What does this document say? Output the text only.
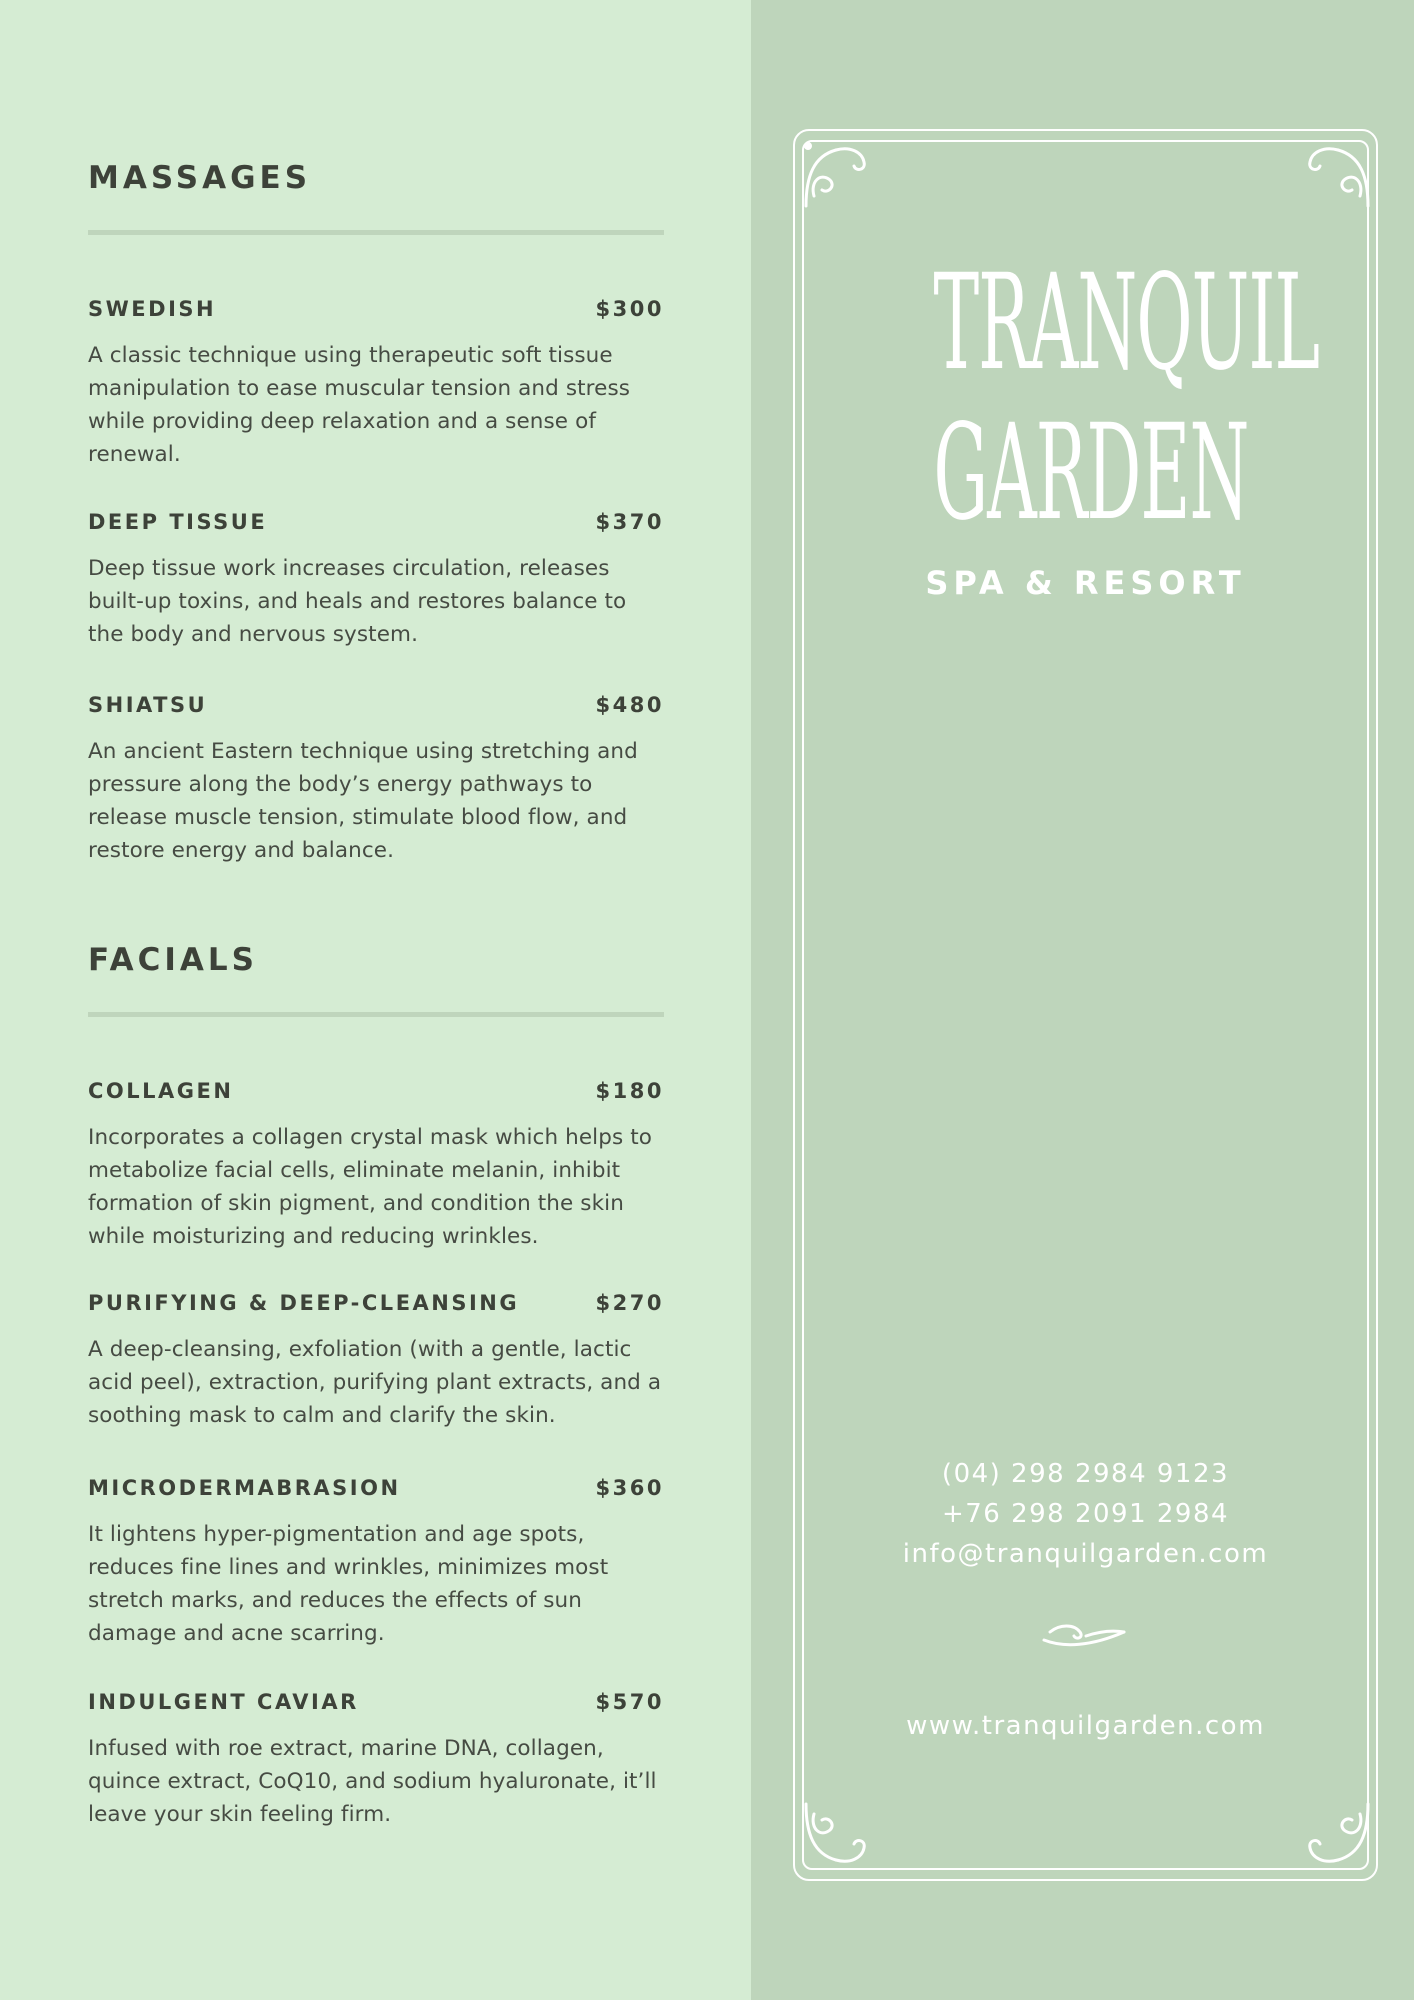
MASSAGES
SWEDISH	$300
A classic technique using therapeutic soft tissue manipulation to ease muscular tension and stress while providing deep relaxation and a sense of renewal.
DEEP TISSUE	$370
Deep tissue work increases circulation, releases built-up toxins, and heals and restores balance to the body and nervous system.
SHIATSU	$480
An ancient Eastern technique using stretching and pressure along the body’s energy pathways to release muscle tension, stimulate blood flow, and restore energy and balance.
FACIALS
COLLAGEN	$180
Incorporates a collagen crystal mask which helps to metabolize facial cells, eliminate melanin, inhibit formation of skin pigment, and condition the skin while moisturizing and reducing wrinkles.
PURIFYING & DEEP-CLEANSING	$270
A deep-cleansing, exfoliation (with a gentle, lactic acid peel), extraction, purifying plant extracts, and a soothing mask to calm and clarify the skin.
MICRODERMABRASION	$360
It lightens hyper-pigmentation and age spots, reduces fine lines and wrinkles, minimizes most stretch marks, and reduces the effects of sun damage and acne scarring.
INDULGENT CAVIAR	$570
Infused with roe extract, marine DNA, collagen, quince extract, CoQ10, and sodium hyaluronate, it’ll leave your skin feeling firm.
TRANQUIL
GARDEN
SPA & RESORT
(04) 298 2984 9123
+76 298 2091 2984
info@tranquilgarden.com
www.tranquilgarden.com
